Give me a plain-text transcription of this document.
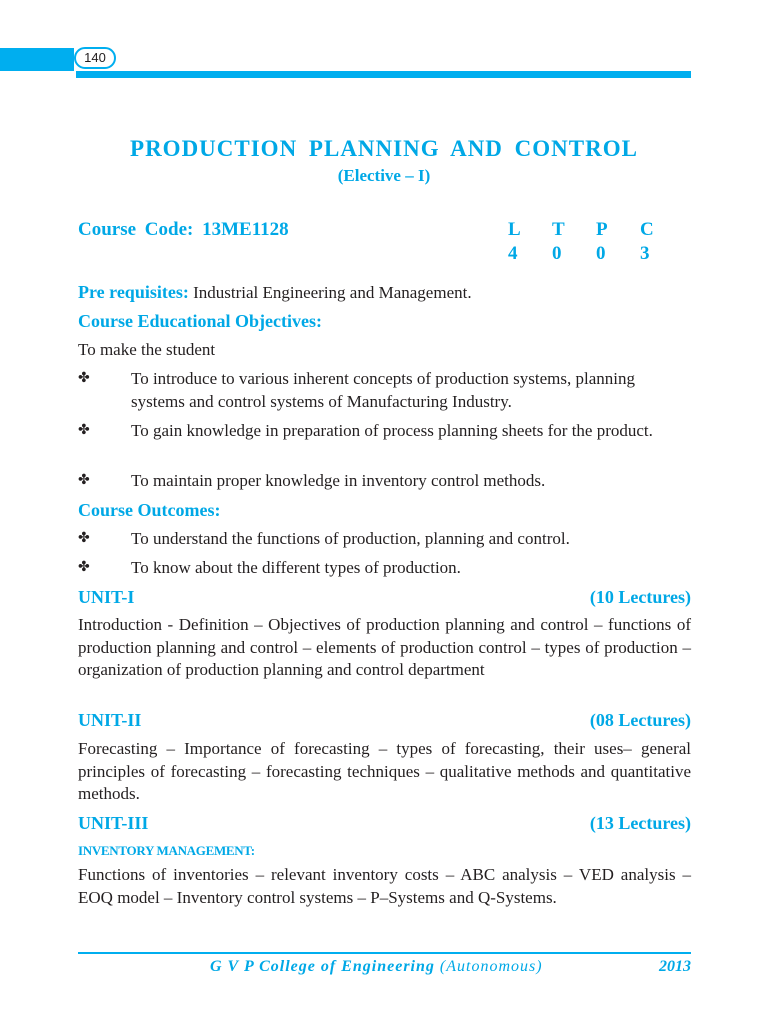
140
PRODUCTION PLANNING AND CONTROL
(Elective – I)
Course Code: 13ME1128	L	T	P	C
4	0	0	3
Pre requisites: Industrial Engineering and Management.
Course Educational Objectives:
To make the student
✤	To introduce to various inherent concepts of production systems, planning systems and control systems of Manufacturing Industry.
✤	To gain knowledge in preparation of process planning sheets for the product.
✤	To maintain proper knowledge in inventory control methods.
Course Outcomes:
✤	To understand the functions of production, planning and control.
✤	To know about the different types of production.
UNIT-I	(10 Lectures)
Introduction - Definition – Objectives of production planning and control – functions of production planning and control – elements of production control – types of production – organization of production planning and control department
UNIT-II	(08 Lectures)
Forecasting – Importance of forecasting – types of forecasting, their uses– general principles of forecasting – forecasting techniques – qualitative methods and quantitative methods.
UNIT-III	(13 Lectures)
INVENTORY MANAGEMENT:
Functions of inventories – relevant inventory costs – ABC analysis – VED analysis – EOQ model – Inventory control systems – P–Systems and Q-Systems.
G V P College of Engineering (Autonomous)	2013
